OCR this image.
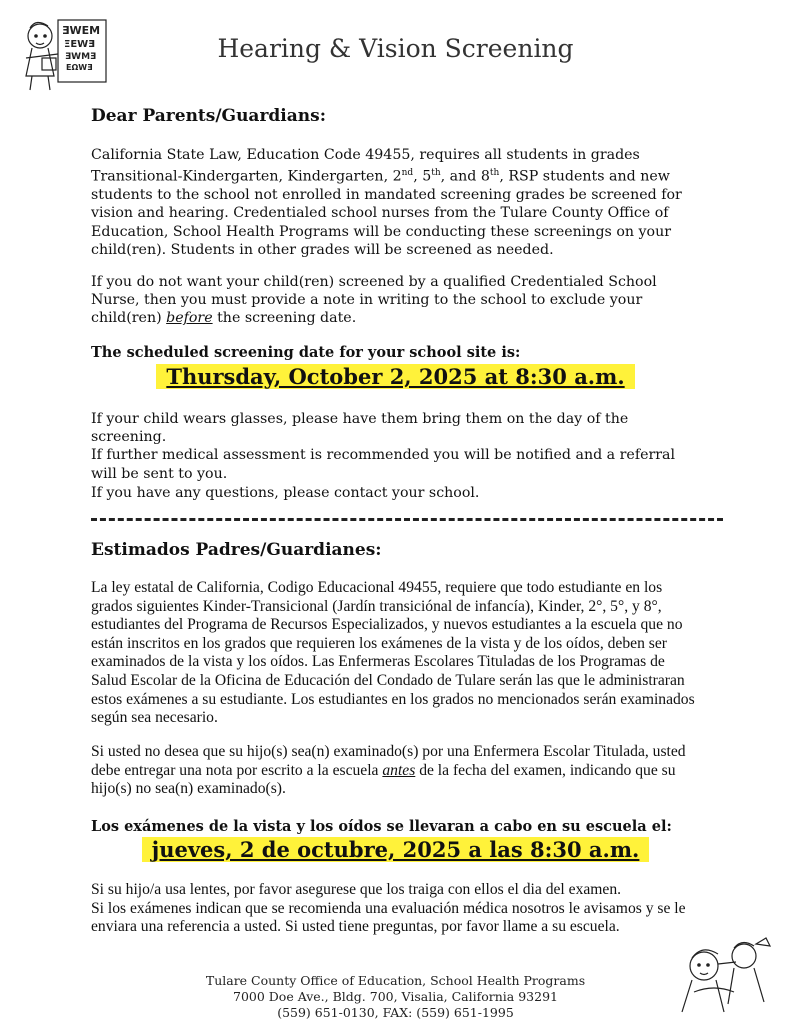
ƎWEM
ΞEWƎ
ƎWMƎ
EΩWƎ
Hearing & Vision Screening
Dear Parents/Guardians:

California State Law, Education Code 49455, requires all students in grades Transitional-Kindergarten, Kindergarten, 2nd, 5th, and 8th, RSP students and new students to the school not enrolled in mandated screening grades be screened for vision and hearing. Credentialed school nurses from the Tulare County Office of Education, School Health Programs will be conducting these screenings on your child(ren). Students in other grades will be screened as needed.

If you do not want your child(ren) screened by a qualified Credentialed School Nurse, then you must provide a note in writing to the school to exclude your child(ren) before the screening date.

The scheduled screening date for your school site is:
Thursday, October 2, 2025 at 8:30 a.m.

If your child wears glasses, please have them bring them on the day of the screening.

If further medical assessment is recommended you will be notified and a referral will be sent to you.

If you have any questions, please contact your school.
Estimados Padres/Guardianes:
La ley estatal de California, Codigo Educacional 49455, requiere que todo estudiante en los grados siguientes Kinder-Transicional (Jardín transiciónal de infancía), Kinder, 2°, 5°, y 8°, estudiantes del Programa de Recursos Especializados, y nuevos estudiantes a la escuela que no están inscritos en los grados que requieren los exámenes de la vista y de los oídos, deben ser examinados de la vista y los oídos. Las Enfermeras Escolares Tituladas de los Programas de Salud Escolar de la Oficina de Educación del Condado de Tulare serán las que le administraran estos exámenes a su estudiante. Los estudiantes en los grados no mencionados serán examinados según sea necesario.

Si usted no desea que su hijo(s) sea(n) examinado(s) por una Enfermera Escolar Titulada, usted debe entregar una nota por escrito a la escuela antes de la fecha del examen, indicando que su hijo(s) no sea(n) examinado(s).

Los exámenes de la vista y los oídos se llevaran a cabo en su escuela el:
jueves, 2 de octubre, 2025 a las 8:30 a.m.

Si su hijo/a usa lentes, por favor asegurese que los traiga con ellos el dia del examen.

Si los exámenes indican que se recomienda una evaluación médica nosotros le avisamos y se le enviara una referencia a usted. Si usted tiene preguntas, por favor llame a su escuela.

Tulare County Office of Education, School Health Programs
7000 Doe Ave., Bldg. 700, Visalia, California 93291
(559) 651-0130, FAX: (559) 651-1995
